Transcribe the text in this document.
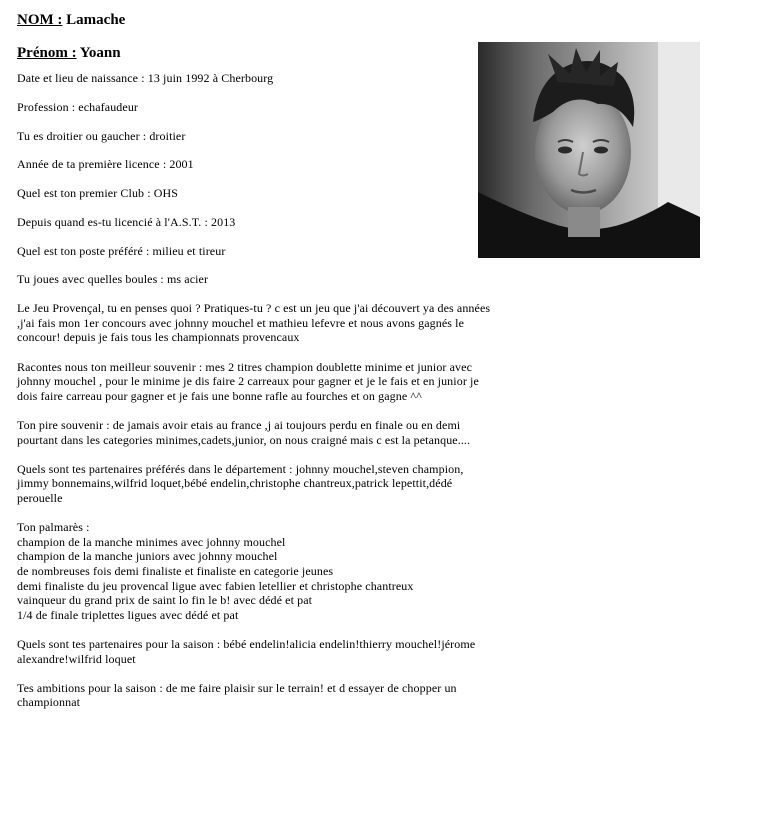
NOM : Lamache

Prénom : Yoann

Date et lieu de naissance : 13 juin 1992 à Cherbourg

Profession : echafaudeur

Tu es droitier ou gaucher : droitier

Année de ta première licence : 2001

Quel est ton premier Club : OHS

Depuis quand es-tu licencié à l'A.S.T. : 2013

Quel est ton poste préféré : milieu et tireur

Tu joues avec quelles boules : ms acier

Le Jeu Provençal, tu en penses quoi ? Pratiques-tu ? c est un jeu que j'ai découvert ya des années ,j'ai fais mon 1er concours avec johnny mouchel et mathieu lefevre et nous avons gagnés le concour! depuis je fais tous les championnats provencaux

Racontes nous ton meilleur souvenir : mes 2 titres champion doublette minime et junior avec johnny mouchel , pour le minime je dis faire 2 carreaux pour gagner et je le fais et en junior je dois faire carreau pour gagner et je fais une bonne rafle au fourches et on gagne ^^

Ton pire souvenir : de jamais avoir etais au france ,j ai toujours perdu en finale ou en demi pourtant dans les categories minimes,cadets,junior, on nous craigné mais c est la petanque....

Quels sont tes partenaires préférés dans le département : johnny mouchel,steven champion, jimmy bonnemains,wilfrid loquet,bébé endelin,christophe chantreux,patrick lepettit,dédé perouelle

Ton palmarès :
champion de la manche minimes avec johnny mouchel
champion de la manche juniors avec johnny mouchel
de nombreuses fois demi finaliste et finaliste en categorie jeunes
demi finaliste du jeu provencal ligue avec fabien letellier et christophe chantreux
vainqueur du grand prix de saint lo fin le b! avec dédé et pat
1/4 de finale triplettes ligues avec dédé et pat

Quels sont tes partenaires pour la saison : bébé endelin!alicia endelin!thierry mouchel!jérome alexandre!wilfrid loquet

Tes ambitions pour la saison : de me faire plaisir sur le terrain! et d essayer de chopper un championnat
